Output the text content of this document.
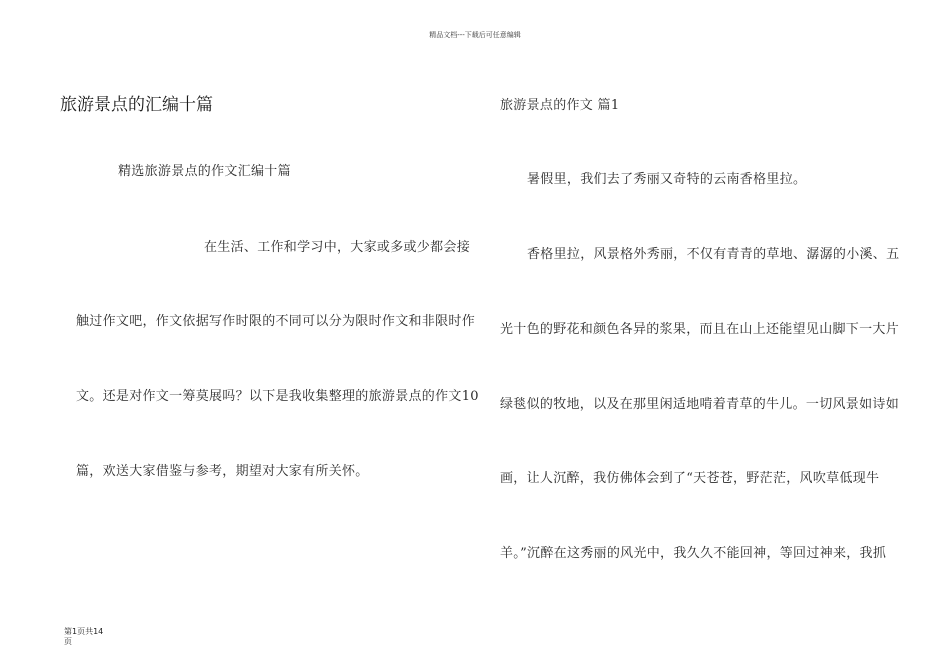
精品文档---下载后可任意编辑
旅游景点的汇编十篇
精选旅游景点的作文汇编十篇
在生活、工作和学习中，大家或多或少都会接
触过作文吧，作文依据写作时限的不同可以分为限时作文和非限时作
文。还是对作文一筹莫展吗？以下是我收集整理的旅游景点的作文10
篇，欢送大家借鉴与参考，期望对大家有所关怀。
旅游景点的作文 篇1
暑假里，我们去了秀丽又奇特的云南香格里拉。
香格里拉，风景格外秀丽，不仅有青青的草地、潺潺的小溪、五
光十色的野花和颜色各异的浆果，而且在山上还能望见山脚下一大片
绿毯似的牧地，以及在那里闲适地啃着青草的牛儿。一切风景如诗如
画，让人沉醉，我仿佛体会到了“天苍苍，野茫茫，风吹草低现牛
羊。”沉醉在这秀丽的风光中，我久久不能回神，等回过神来，我抓
第1页共14
页
